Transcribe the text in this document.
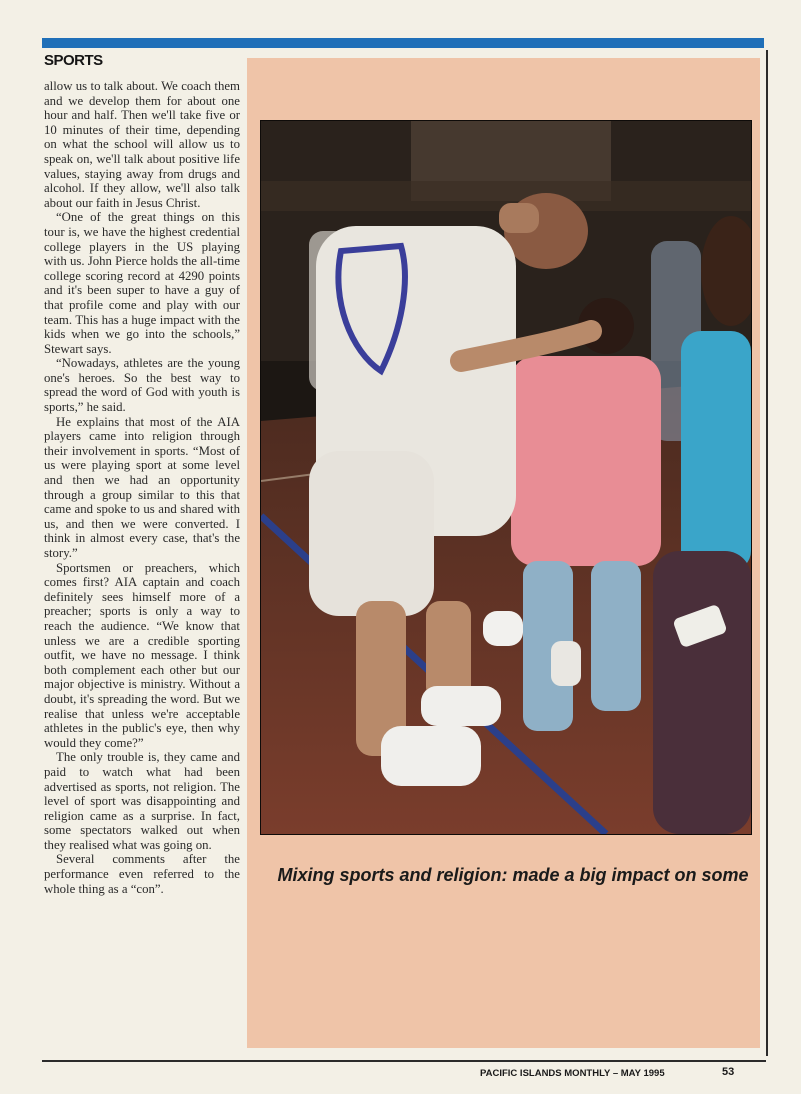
SPORTS

allow us to talk about. We coach them and we develop them for about one hour and half. Then we'll take five or 10 minutes of their time, depending on what the school will allow us to speak on, we'll talk about positive life values, staying away from drugs and alcohol. If they allow, we'll also talk about our faith in Jesus Christ.

“One of the great things on this tour is, we have the highest credential college players in the US playing with us. John Pierce holds the all-time college scoring record at 4290 points and it's been super to have a guy of that profile come and play with our team. This has a huge impact with the kids when we go into the schools,” Stewart says.

“Nowadays, athletes are the young one's heroes. So the best way to spread the word of God with youth is sports,” he said.

He explains that most of the AIA players came into religion through their involvement in sports. “Most of us were playing sport at some level and then we had an opportunity through a group similar to this that came and spoke to us and shared with us, and then we were converted. I think in almost every case, that's the story.”

Sportsmen or preachers, which comes first? AIA captain and coach definitely sees himself more of a preacher; sports is only a way to reach the audience. “We know that unless we are a credible sporting outfit, we have no message. I think both complement each other but our major objective is ministry. Without a doubt, it's spreading the word. But we realise that unless we're acceptable athletes in the public's eye, then why would they come?”

The only trouble is, they came and paid to watch what had been advertised as sports, not religion. The level of sport was disappointing and religion came as a surprise. In fact, some spectators walked out when they realised what was going on.

Several comments after the performance even referred to the whole thing as a “con”.

Mixing sports and religion: made a big impact on some
PACIFIC ISLANDS MONTHLY – MAY 1995	53
